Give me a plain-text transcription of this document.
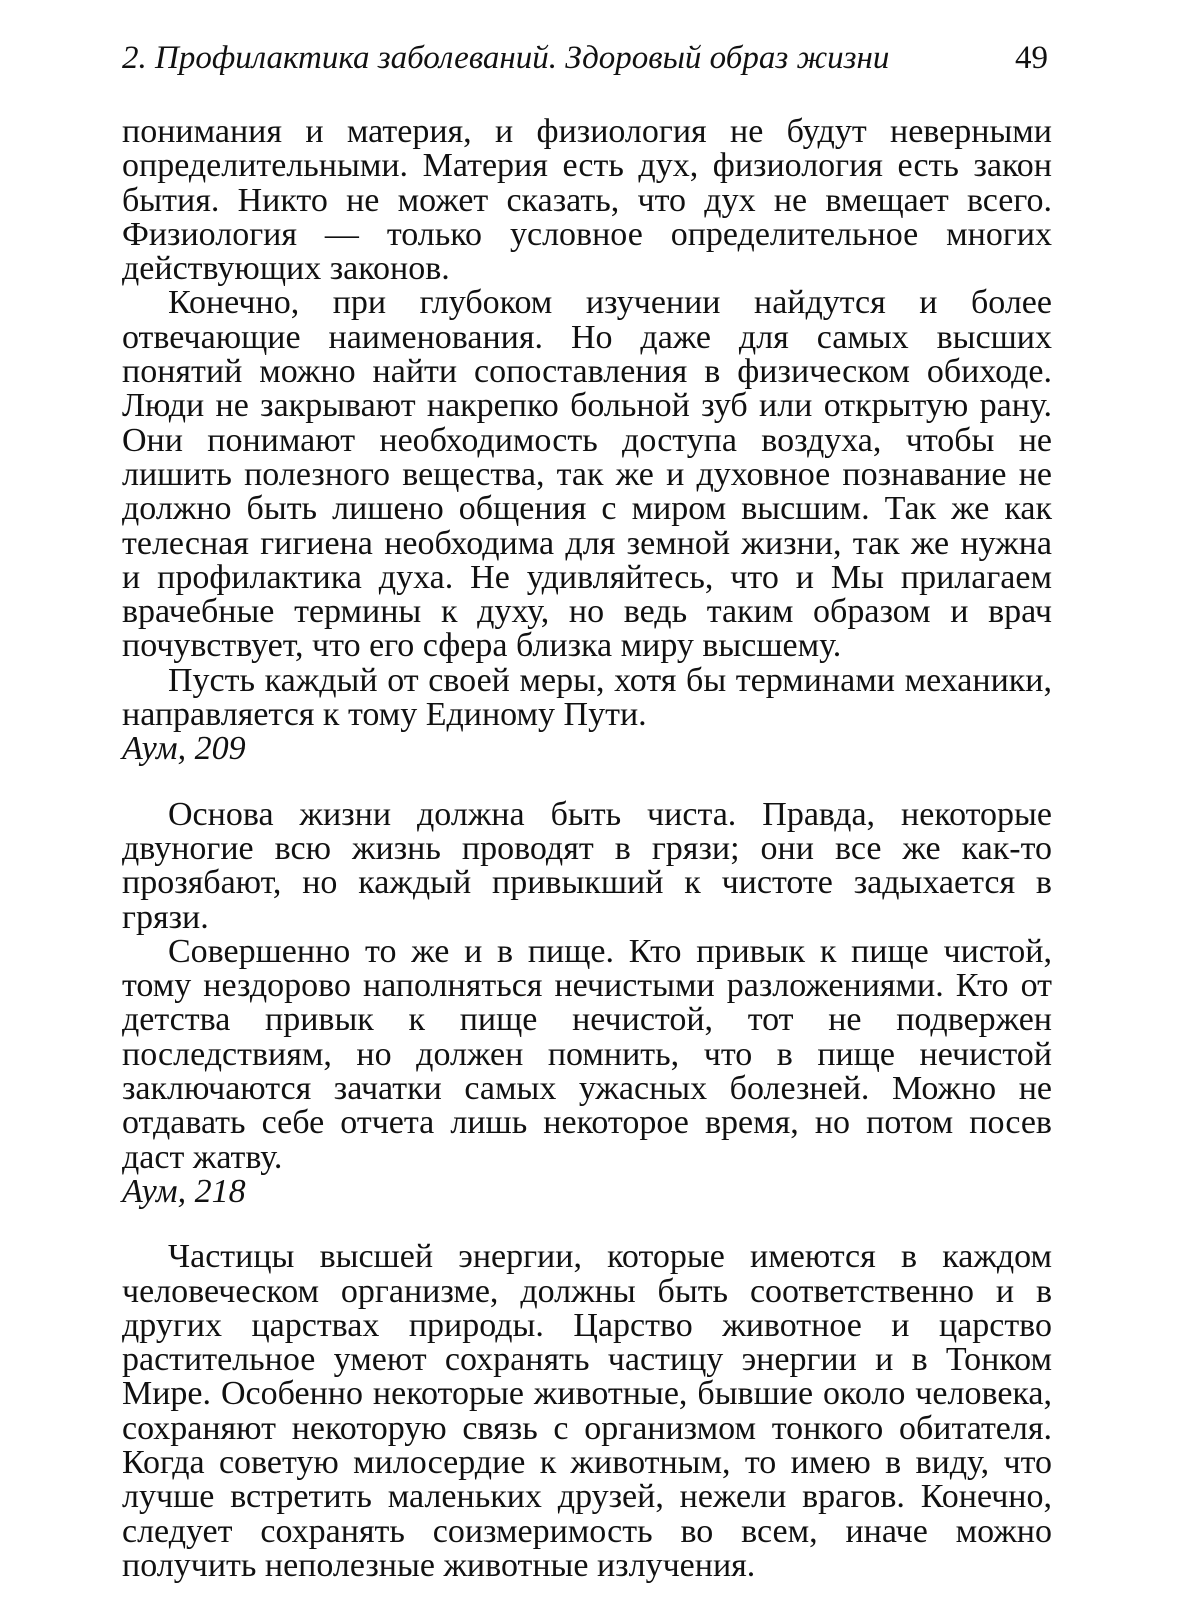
2. Профилактика заболеваний. Здоровый образ жизни	49

понимания и материя, и физиология не будут неверными определительными. Материя есть дух, физиология есть закон бытия. Никто не может сказать, что дух не вмещает всего. Физиология — только условное определительное многих действующих законов.

Конечно, при глубоком изучении найдутся и более отвечающие наименования. Но даже для самых высших понятий можно найти сопоставления в физическом обиходе. Люди не закрывают накрепко больной зуб или открытую рану. Они понимают необходимость доступа воздуха, чтобы не лишить полезного вещества, так же и духовное познавание не должно быть лишено общения с миром высшим. Так же как телесная гигиена необходима для земной жизни, так же нужна и профилактика духа. Не удивляйтесь, что и Мы прилагаем врачебные термины к духу, но ведь таким образом и врач почувствует, что его сфера близка миру высшему.

Пусть каждый от своей меры, хотя бы терминами механики, направляется к тому Единому Пути.

Аум, 209

Основа жизни должна быть чиста. Правда, некоторые двуногие всю жизнь проводят в грязи; они все же как-то прозябают, но каждый привыкший к чистоте задыхается в грязи.

Совершенно то же и в пище. Кто привык к пище чистой, тому нездорово наполняться нечистыми разложениями. Кто от детства привык к пище нечистой, тот не подвержен последствиям, но должен помнить, что в пище нечистой заключаются зачатки самых ужасных болезней. Можно не отдавать себе отчета лишь некоторое время, но потом посев даст жатву.

Аум, 218

Частицы высшей энергии, которые имеются в каждом человеческом организме, должны быть соответственно и в других царствах природы. Царство животное и царство растительное умеют сохранять частицу энергии и в Тонком Мире. Особенно некоторые животные, бывшие около человека, сохраняют некоторую связь с организмом тонкого обитателя. Когда советую милосердие к животным, то имею в виду, что лучше встретить маленьких друзей, нежели врагов. Конечно, следует сохранять соизмеримость во всем, иначе можно получить неполезные животные излучения.
